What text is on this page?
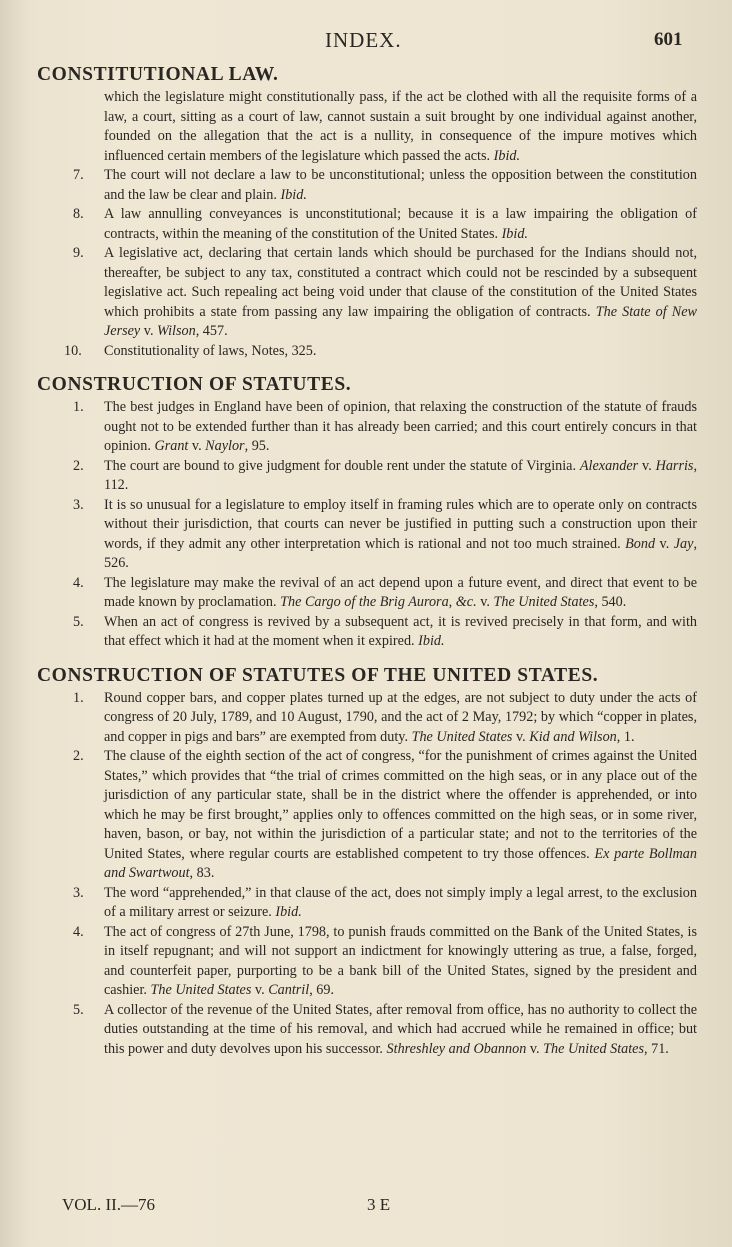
INDEX.	601
CONSTITUTIONAL LAW.

which the legislature might constitutionally pass, if the act be clothed with all the requisite forms of a law, a court, sitting as a court of law, cannot sustain a suit brought by one individual against another, founded on the allegation that the act is a nullity, in consequence of the impure motives which influenced certain members of the legislature which passed the acts. Ibid.

7. The court will not declare a law to be unconstitutional; unless the opposition between the constitution and the law be clear and plain. Ibid.

8. A law annulling conveyances is unconstitutional; because it is a law impairing the obligation of contracts, within the meaning of the constitution of the United States. Ibid.

9. A legislative act, declaring that certain lands which should be purchased for the Indians should not, thereafter, be subject to any tax, constituted a contract which could not be rescinded by a subsequent legislative act. Such repealing act being void under that clause of the constitution of the United States which prohibits a state from passing any law impairing the obligation of contracts. The State of New Jersey v. Wilson, 457.

10. Constitutionality of laws, Notes, 325.

CONSTRUCTION OF STATUTES.

1. The best judges in England have been of opinion, that relaxing the construction of the statute of frauds ought not to be extended further than it has already been carried; and this court entirely concurs in that opinion. Grant v. Naylor, 95.

2. The court are bound to give judgment for double rent under the statute of Virginia. Alexander v. Harris, 112.

3. It is so unusual for a legislature to employ itself in framing rules which are to operate only on contracts without their jurisdiction, that courts can never be justified in putting such a construction upon their words, if they admit any other interpretation which is rational and not too much strained. Bond v. Jay, 526.

4. The legislature may make the revival of an act depend upon a future event, and direct that event to be made known by proclamation. The Cargo of the Brig Aurora, &c. v. The United States, 540.

5. When an act of congress is revived by a subsequent act, it is revived precisely in that form, and with that effect which it had at the moment when it expired. Ibid.

CONSTRUCTION OF STATUTES OF THE UNITED STATES.

1. Round copper bars, and copper plates turned up at the edges, are not subject to duty under the acts of congress of 20 July, 1789, and 10 August, 1790, and the act of 2 May, 1792; by which “copper in plates, and copper in pigs and bars” are exempted from duty. The United States v. Kid and Wilson, 1.

2. The clause of the eighth section of the act of congress, “for the punishment of crimes against the United States,” which provides that “the trial of crimes committed on the high seas, or in any place out of the jurisdiction of any particular state, shall be in the district where the offender is apprehended, or into which he may be first brought,” applies only to offences committed on the high seas, or in some river, haven, bason, or bay, not within the jurisdiction of a particular state; and not to the territories of the United States, where regular courts are established competent to try those offences. Ex parte Bollman and Swartwout, 83.

3. The word “apprehended,” in that clause of the act, does not simply imply a legal arrest, to the exclusion of a military arrest or seizure. Ibid.

4. The act of congress of 27th June, 1798, to punish frauds committed on the Bank of the United States, is in itself repugnant; and will not support an indictment for knowingly uttering as true, a false, forged, and counterfeit paper, purporting to be a bank bill of the United States, signed by the president and cashier. The United States v. Cantril, 69.

5. A collector of the revenue of the United States, after removal from office, has no authority to collect the duties outstanding at the time of his removal, and which had accrued while he remained in office; but this power and duty devolves upon his successor. Sthreshley and Obannon v. The United States, 71.

VOL. II.—76	3 E
